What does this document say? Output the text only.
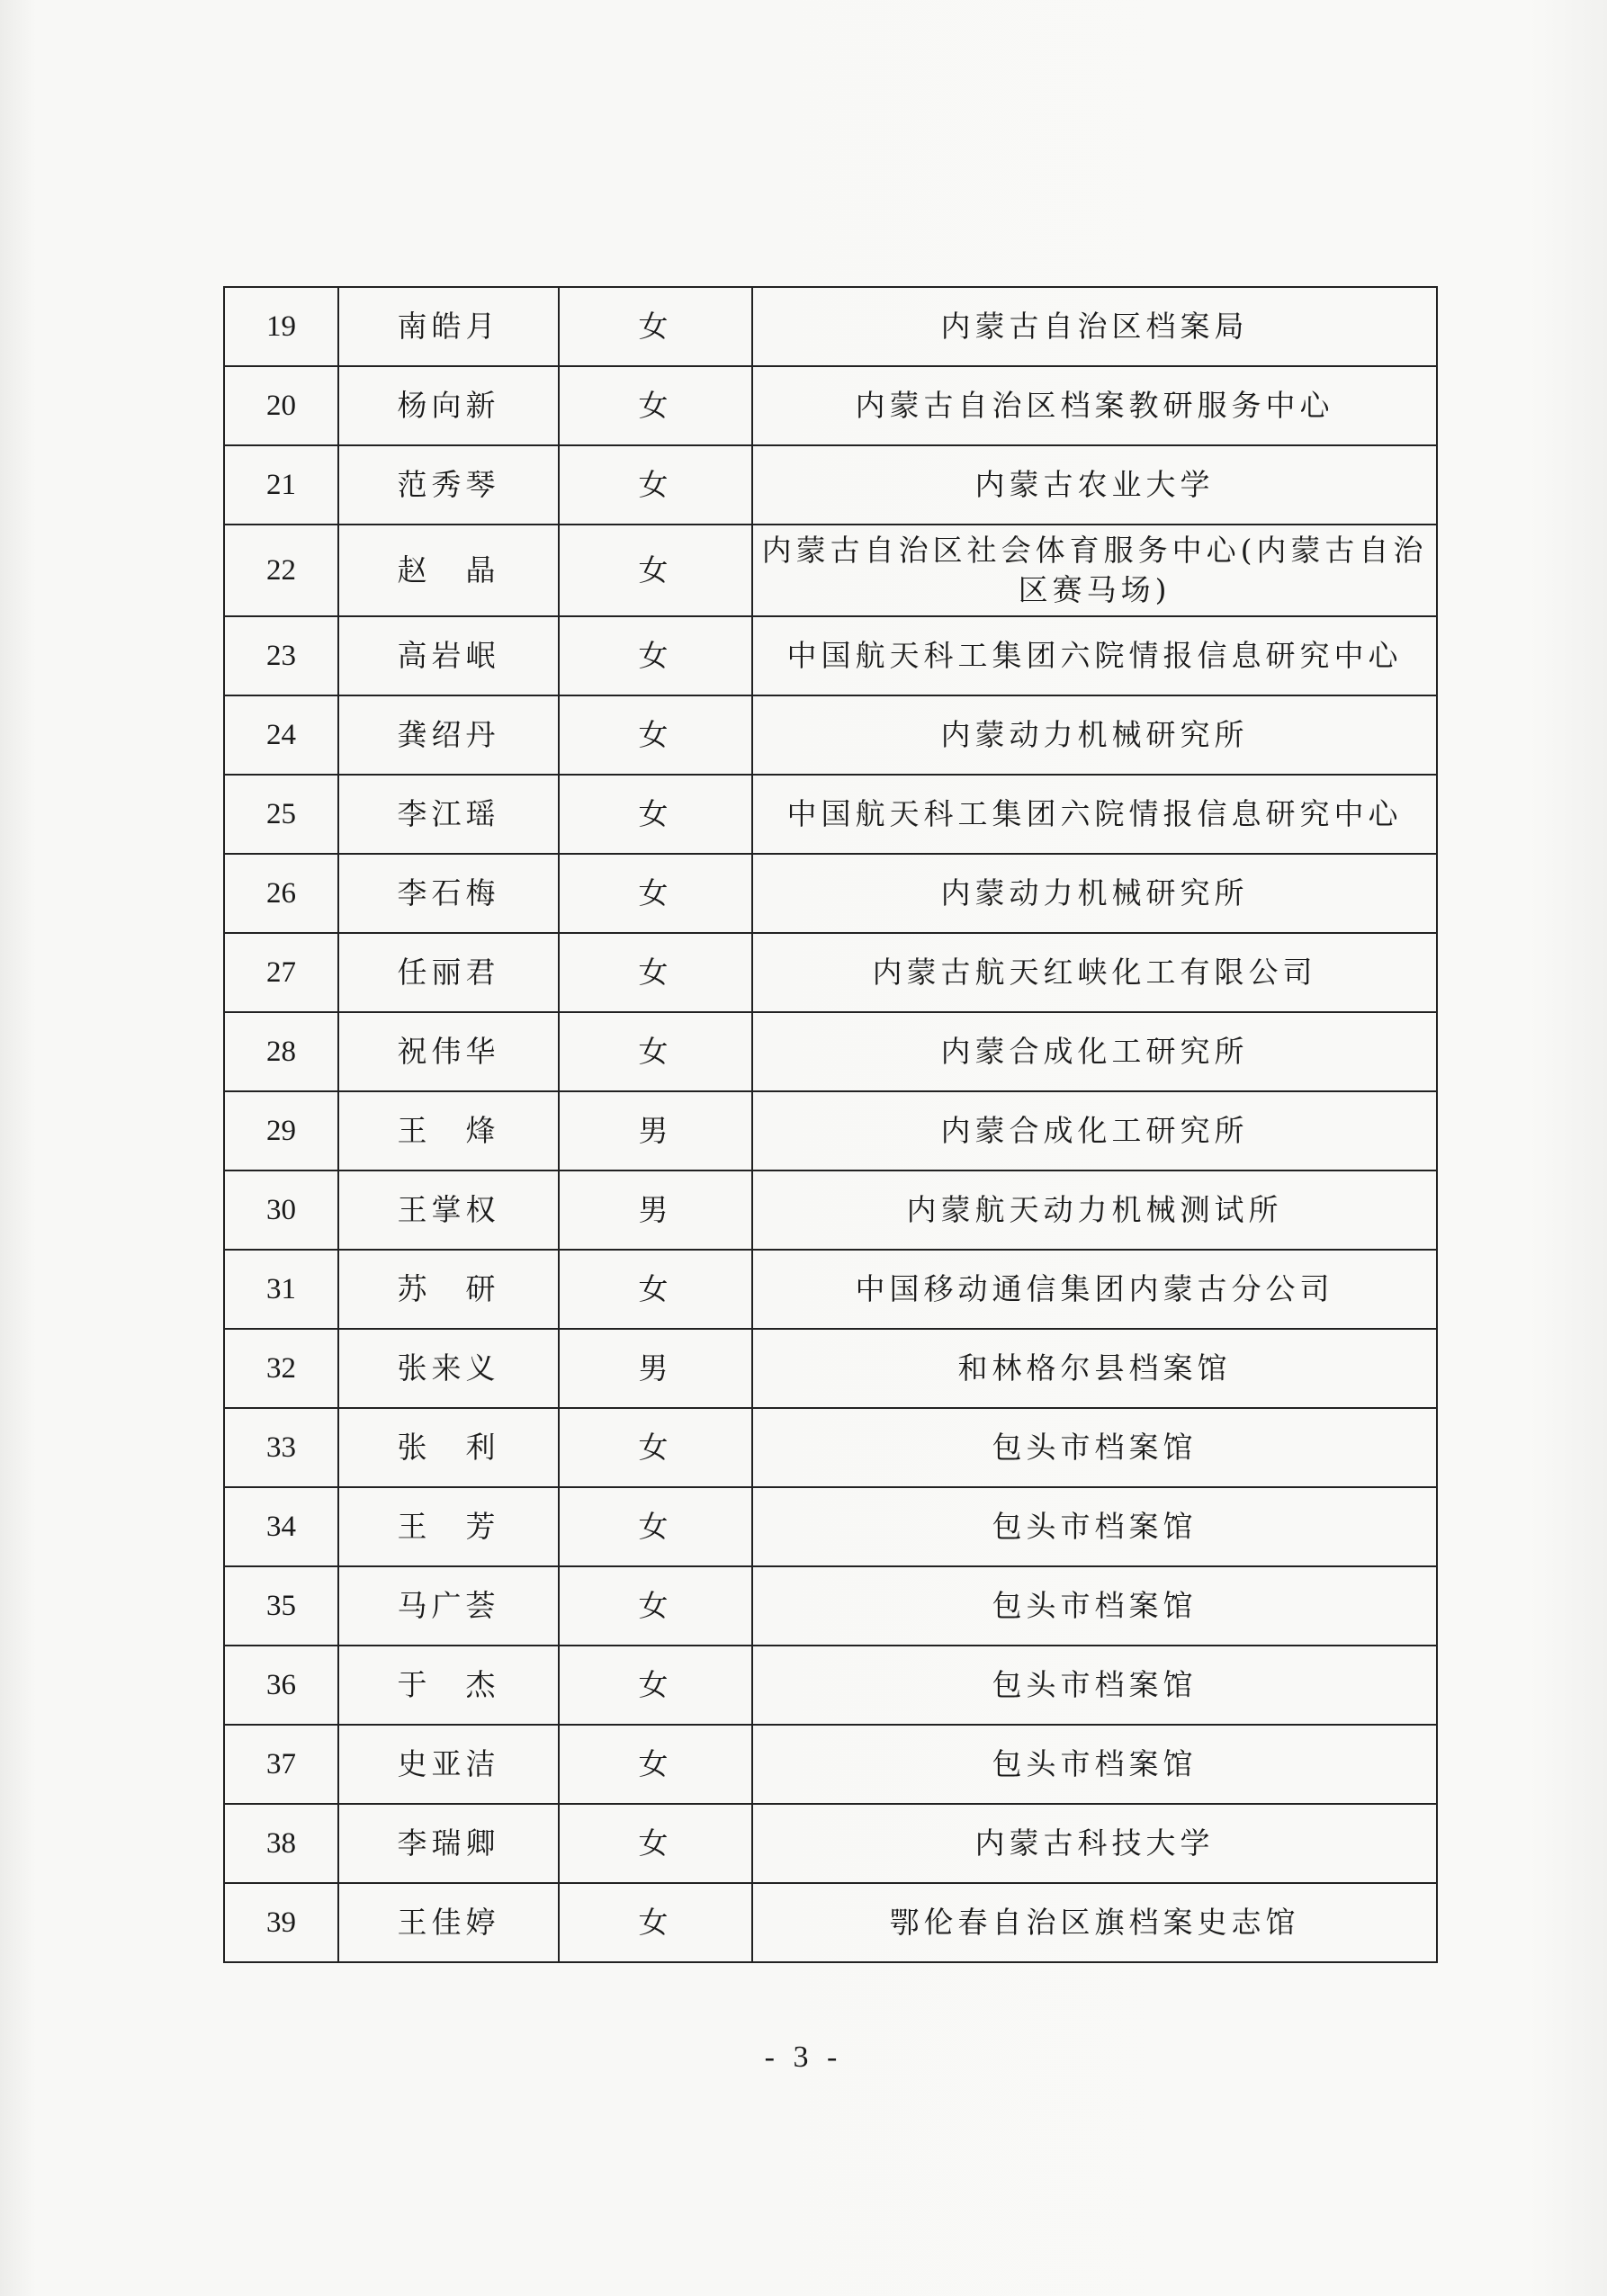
19	南皓月	女	内蒙古自治区档案局
20	杨向新	女	内蒙古自治区档案教研服务中心
21	范秀琴	女	内蒙古农业大学
22	赵　晶	女	内蒙古自治区社会体育服务中心(内蒙古自治区赛马场)
23	高岩岷	女	中国航天科工集团六院情报信息研究中心
24	龚绍丹	女	内蒙动力机械研究所
25	李江瑶	女	中国航天科工集团六院情报信息研究中心
26	李石梅	女	内蒙动力机械研究所
27	任丽君	女	内蒙古航天红峡化工有限公司
28	祝伟华	女	内蒙合成化工研究所
29	王　烽	男	内蒙合成化工研究所
30	王掌权	男	内蒙航天动力机械测试所
31	苏　研	女	中国移动通信集团内蒙古分公司
32	张来义	男	和林格尔县档案馆
33	张　利	女	包头市档案馆
34	王　芳	女	包头市档案馆
35	马广荟	女	包头市档案馆
36	于　杰	女	包头市档案馆
37	史亚洁	女	包头市档案馆
38	李瑞卿	女	内蒙古科技大学
39	王佳婷	女	鄂伦春自治区旗档案史志馆
- 3 -
